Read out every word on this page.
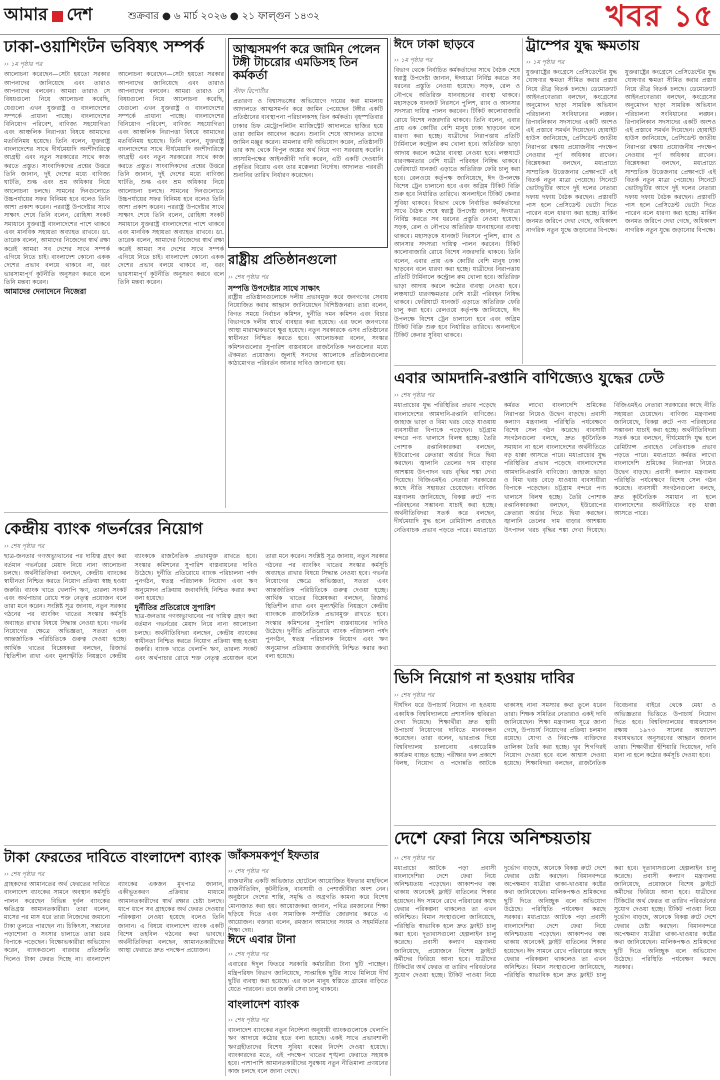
আমার দেশ	শুক্রবার ● ৬ মার্চ ২০২৬ ● ২১ ফাল্গুন ১৪৩২	খবর ১৫
ঢাকা-ওয়াশিংটন ভবিষ্যৎ সম্পর্ক
›› ১ম পৃষ্ঠার পর
আলোচনা করেছেন—সেটা হয়তো সরকার আপনাদের জানিয়েছে এবং তারাও আপনাদের বলবেন। আমরা তারাও সে বিষয়গুলো নিয়ে আলোচনা করেছি, যেগুলো এখন যুক্তরাষ্ট্র ও বাংলাদেশের সম্পর্কে প্রাধান্য পাচ্ছে। বাংলাদেশের বিনিয়োগ পরিবেশ, বাণিজ্য সহযোগিতা এবং আঞ্চলিক নিরাপত্তা বিষয়ে আমাদের মতবিনিময় হয়েছে। তিনি বলেন, যুক্তরাষ্ট্র বাংলাদেশের সাথে দীর্ঘমেয়াদি অংশীদারিত্বে আগ্রহী এবং নতুন সরকারের সাথে কাজ করতে প্রস্তুত। সাংবাদিকদের প্রশ্নের উত্তরে তিনি জানান, দুই দেশের মধ্যে বাণিজ্য ঘাটতি, শুল্ক এবং শ্রম অধিকার নিয়ে আলোচনা চলছে। সামনের দিনগুলোতে উচ্চপর্যায়ের সফর বিনিময় হবে বলেও তিনি আশা প্রকাশ করেন। পররাষ্ট্র উপদেষ্টার সাথে সাক্ষাৎ শেষে তিনি বলেন, রোহিঙ্গা সংকট সমাধানে যুক্তরাষ্ট্র বাংলাদেশের পাশে থাকবে এবং মানবিক সহায়তা অব্যাহত রাখবে। ডা. তারেক বলেন, আমাদের নিজেদের স্বার্থ রক্ষা করেই আমরা সব দেশের সাথে সম্পর্ক এগিয়ে নিতে চাই। বাংলাদেশ কোনো একক দেশের প্রভাব বলয়ে থাকবে না, বরং ভারসাম্যপূর্ণ কূটনীতি অনুসরণ করবে বলে তিনি মন্তব্য করেন।
আমাদের দেনাদেনে নিজেরা
আলোচনা করেছেন—সেটা হয়তো সরকার আপনাদের জানিয়েছে এবং তারাও আপনাদের বলবেন। আমরা তারাও সে বিষয়গুলো নিয়ে আলোচনা করেছি, যেগুলো এখন যুক্তরাষ্ট্র ও বাংলাদেশের সম্পর্কে প্রাধান্য পাচ্ছে। বাংলাদেশের বিনিয়োগ পরিবেশ, বাণিজ্য সহযোগিতা এবং আঞ্চলিক নিরাপত্তা বিষয়ে আমাদের মতবিনিময় হয়েছে। তিনি বলেন, যুক্তরাষ্ট্র বাংলাদেশের সাথে দীর্ঘমেয়াদি অংশীদারিত্বে আগ্রহী এবং নতুন সরকারের সাথে কাজ করতে প্রস্তুত। সাংবাদিকদের প্রশ্নের উত্তরে তিনি জানান, দুই দেশের মধ্যে বাণিজ্য ঘাটতি, শুল্ক এবং শ্রম অধিকার নিয়ে আলোচনা চলছে। সামনের দিনগুলোতে উচ্চপর্যায়ের সফর বিনিময় হবে বলেও তিনি আশা প্রকাশ করেন। পররাষ্ট্র উপদেষ্টার সাথে সাক্ষাৎ শেষে তিনি বলেন, রোহিঙ্গা সংকট সমাধানে যুক্তরাষ্ট্র বাংলাদেশের পাশে থাকবে এবং মানবিক সহায়তা অব্যাহত রাখবে। ডা. তারেক বলেন, আমাদের নিজেদের স্বার্থ রক্ষা করেই আমরা সব দেশের সাথে সম্পর্ক এগিয়ে নিতে চাই। বাংলাদেশ কোনো একক দেশের প্রভাব বলয়ে থাকবে না, বরং ভারসাম্যপূর্ণ কূটনীতি অনুসরণ করবে বলে তিনি মন্তব্য করেন।
আত্মসমর্পণ করে জামিন পেলেন টঙ্গী টাচরোর এমডিসহ তিন কর্মকর্তা
স্টাফ রিপোর্টার
প্রতারণা ও বিশ্বাসভঙ্গের অভিযোগে দায়ের করা মামলায় আদালতে আত্মসমর্পণ করে জামিন পেয়েছেন টঙ্গীর একটি প্রতিষ্ঠানের ব্যবস্থাপনা পরিচালকসহ তিন কর্মকর্তা। বৃহস্পতিবার ঢাকার চিফ মেট্রোপলিটন ম্যাজিস্ট্রেট আদালতে হাজির হয়ে তারা জামিন আবেদন করেন। শুনানি শেষে আদালত তাদের জামিন মঞ্জুর করেন। মামলার বাদী অভিযোগ করেন, প্রতিষ্ঠানটি তার কাছ থেকে বিপুল অঙ্কের অর্থ নিয়ে পণ্য সরবরাহ করেনি। আসামিপক্ষের আইনজীবী দাবি করেন, এটি একটি দেওয়ানি প্রকৃতির বিরোধ এবং তার মক্কেলরা নির্দোষ। আদালত পরবর্তী শুনানির তারিখ নির্ধারণ করেছেন।
রাষ্ট্রীয় প্রতিষ্ঠানগুলো
›› শেষ পৃষ্ঠার পর
সম্পত্তি উপদেষ্টার সাথে সাক্ষাৎ
রাষ্ট্রীয় প্রতিষ্ঠানগুলোকে দলীয় প্রভাবমুক্ত করে জনগণের সেবায় নিয়োজিত করার আহ্বান জানিয়েছেন বিশিষ্টজনরা। তারা বলেন, বিগত সময়ে নির্বাচন কমিশন, দুর্নীতি দমন কমিশন এবং বিচার বিভাগকে দলীয় স্বার্থে ব্যবহার করা হয়েছে। এর ফলে জনগণের আস্থা মারাত্মকভাবে ক্ষুণ্ণ হয়েছে। নতুন সরকারকে এসব প্রতিষ্ঠানের স্বাধীনতা নিশ্চিত করতে হবে। আলোচকরা বলেন, সংস্কার কমিশনগুলোর সুপারিশ বাস্তবায়নে রাজনৈতিক দলগুলোর মধ্যে ঐকমত্য প্রয়োজন। জুলাই সনদের আলোকে প্রতিষ্ঠানগুলোর কাঠামোগত পরিবর্তন আনার দাবিও জানানো হয়।
ঈদে ঢাকা ছাড়বে
›› ১ম পৃষ্ঠার পর
বিভাগ থেকে নির্বাচিত কর্মকর্তাদের সাথে বৈঠক শেষে স্বরাষ্ট্র উপদেষ্টা জানান, ঈদযাত্রা নির্বিঘ্ন করতে সব ধরনের প্রস্তুতি নেওয়া হয়েছে। সড়ক, রেল ও নৌপথে অতিরিক্ত যানবাহনের ব্যবস্থা থাকবে। মহাসড়কে যানজট নিরসনে পুলিশ, র‍্যাব ও আনসার সদস্যরা দায়িত্ব পালন করবেন। টিকিট কালোবাজারি রোধে বিশেষ নজরদারি থাকবে। তিনি বলেন, এবার প্রায় এক কোটির বেশি মানুষ ঢাকা ছাড়বেন বলে ধারণা করা হচ্ছে। যাত্রীদের নিরাপত্তায় প্রতিটি টার্মিনালে কন্ট্রোল রুম খোলা হবে। অতিরিক্ত ভাড়া আদায় করলে কঠোর ব্যবস্থা নেওয়া হবে। লঞ্চঘাটে ধারণক্ষমতার বেশি যাত্রী পরিবহন নিষিদ্ধ থাকবে। ফেরিঘাটে যানজট এড়াতে অতিরিক্ত ফেরি চালু করা হবে। রেলওয়ে কর্তৃপক্ষ জানিয়েছে, ঈদ উপলক্ষে বিশেষ ট্রেন চালানো হবে এবং অগ্রিম টিকিট বিক্রি শুরু হবে নির্ধারিত তারিখে। অনলাইনে টিকিট কেনার সুবিধা থাকবে। বিভাগ থেকে নির্বাচিত কর্মকর্তাদের সাথে বৈঠক শেষে স্বরাষ্ট্র উপদেষ্টা জানান, ঈদযাত্রা নির্বিঘ্ন করতে সব ধরনের প্রস্তুতি নেওয়া হয়েছে। সড়ক, রেল ও নৌপথে অতিরিক্ত যানবাহনের ব্যবস্থা থাকবে। মহাসড়কে যানজট নিরসনে পুলিশ, র‍্যাব ও আনসার সদস্যরা দায়িত্ব পালন করবেন। টিকিট কালোবাজারি রোধে বিশেষ নজরদারি থাকবে। তিনি বলেন, এবার প্রায় এক কোটির বেশি মানুষ ঢাকা ছাড়বেন বলে ধারণা করা হচ্ছে। যাত্রীদের নিরাপত্তায় প্রতিটি টার্মিনালে কন্ট্রোল রুম খোলা হবে। অতিরিক্ত ভাড়া আদায় করলে কঠোর ব্যবস্থা নেওয়া হবে। লঞ্চঘাটে ধারণক্ষমতার বেশি যাত্রী পরিবহন নিষিদ্ধ থাকবে। ফেরিঘাটে যানজট এড়াতে অতিরিক্ত ফেরি চালু করা হবে। রেলওয়ে কর্তৃপক্ষ জানিয়েছে, ঈদ উপলক্ষে বিশেষ ট্রেন চালানো হবে এবং অগ্রিম টিকিট বিক্রি শুরু হবে নির্ধারিত তারিখে। অনলাইনে টিকিট কেনার সুবিধা থাকবে।
ট্রাম্পের যুদ্ধ ক্ষমতায়
›› ১ম পৃষ্ঠার পর
যুক্তরাষ্ট্রের কংগ্রেসে প্রেসিডেন্টের যুদ্ধ ঘোষণার ক্ষমতা সীমিত করার প্রস্তাব নিয়ে তীব্র বিতর্ক চলছে। ডেমোক্র্যাট আইনপ্রণেতারা বলছেন, কংগ্রেসের অনুমোদন ছাড়া সামরিক অভিযান পরিচালনা সংবিধানের লঙ্ঘন। রিপাবলিকান সদস্যদের একটি অংশও এই প্রস্তাবে সমর্থন দিয়েছেন। হোয়াইট হাউস জানিয়েছে, প্রেসিডেন্ট জাতীয় নিরাপত্তা রক্ষায় প্রয়োজনীয় পদক্ষেপ নেওয়ার পূর্ণ অধিকার রাখেন। বিশ্লেষকরা বলছেন, মধ্যপ্রাচ্যে সাম্প্রতিক উত্তেজনার প্রেক্ষাপটে এই বিতর্ক নতুন মাত্রা পেয়েছে। সিনেটে ভোটাভুটির আগে দুই দলের নেতারা দফায় দফায় বৈঠক করছেন। প্রস্তাবটি পাস হলে প্রেসিডেন্ট ভেটো দিতে পারেন বলে ধারণা করা হচ্ছে। মার্কিন জনমত জরিপে দেখা গেছে, অধিকাংশ নাগরিক নতুন যুদ্ধে জড়ানোর বিপক্ষে। যুক্তরাষ্ট্রের কংগ্রেসে প্রেসিডেন্টের যুদ্ধ ঘোষণার ক্ষমতা সীমিত করার প্রস্তাব নিয়ে তীব্র বিতর্ক চলছে। ডেমোক্র্যাট আইনপ্রণেতারা বলছেন, কংগ্রেসের অনুমোদন ছাড়া সামরিক অভিযান পরিচালনা সংবিধানের লঙ্ঘন। রিপাবলিকান সদস্যদের একটি অংশও এই প্রস্তাবে সমর্থন দিয়েছেন। হোয়াইট হাউস জানিয়েছে, প্রেসিডেন্ট জাতীয় নিরাপত্তা রক্ষায় প্রয়োজনীয় পদক্ষেপ নেওয়ার পূর্ণ অধিকার রাখেন। বিশ্লেষকরা বলছেন, মধ্যপ্রাচ্যে সাম্প্রতিক উত্তেজনার প্রেক্ষাপটে এই বিতর্ক নতুন মাত্রা পেয়েছে। সিনেটে ভোটাভুটির আগে দুই দলের নেতারা দফায় দফায় বৈঠক করছেন। প্রস্তাবটি পাস হলে প্রেসিডেন্ট ভেটো দিতে পারেন বলে ধারণা করা হচ্ছে। মার্কিন জনমত জরিপে দেখা গেছে, অধিকাংশ নাগরিক নতুন যুদ্ধে জড়ানোর বিপক্ষে।
এবার আমদানি-রপ্তানি বাণিজ্যেও যুদ্ধের ঢেউ
›› শেষ পৃষ্ঠার পর
মধ্যপ্রাচ্যের যুদ্ধ পরিস্থিতির প্রভাব পড়েছে বাংলাদেশের আমদানি-রপ্তানি বাণিজ্যে। জাহাজ ভাড়া ও বিমা খরচ বেড়ে যাওয়ায় ব্যবসায়ীরা বিপাকে পড়েছেন। চট্টগ্রাম বন্দরে পণ্য খালাসে বিলম্ব হচ্ছে। তৈরি পোশাক রপ্তানিকারকরা বলছেন, ইউরোপের ক্রেতারা অর্ডার দিতে দ্বিধা করছেন। জ্বালানি তেলের দাম বাড়ার আশঙ্কায় উৎপাদন খরচ বৃদ্ধির শঙ্কা দেখা দিয়েছে। বিজিএমইএ নেতারা সরকারের কাছে নীতি সহায়তা চেয়েছেন। বাণিজ্য মন্ত্রণালয় জানিয়েছে, বিকল্প রুটে পণ্য পরিবহনের সম্ভাবনা যাচাই করা হচ্ছে। অর্থনীতিবিদরা সতর্ক করে বলছেন, দীর্ঘমেয়াদি যুদ্ধ হলে রেমিট্যান্স প্রবাহেও নেতিবাচক প্রভাব পড়তে পারে। মধ্যপ্রাচ্যে কর্মরত লাখো বাংলাদেশি শ্রমিকের নিরাপত্তা নিয়েও উদ্বেগ বাড়ছে। প্রবাসী কল্যাণ মন্ত্রণালয় পরিস্থিতি পর্যবেক্ষণে বিশেষ সেল গঠন করেছে। ব্যবসায়ী সংগঠনগুলো বলছে, দ্রুত কূটনৈতিক সমাধান না হলে বাংলাদেশের অর্থনীতিতে বড় ধাক্কা আসতে পারে। মধ্যপ্রাচ্যের যুদ্ধ পরিস্থিতির প্রভাব পড়েছে বাংলাদেশের আমদানি-রপ্তানি বাণিজ্যে। জাহাজ ভাড়া ও বিমা খরচ বেড়ে যাওয়ায় ব্যবসায়ীরা বিপাকে পড়েছেন। চট্টগ্রাম বন্দরে পণ্য খালাসে বিলম্ব হচ্ছে। তৈরি পোশাক রপ্তানিকারকরা বলছেন, ইউরোপের ক্রেতারা অর্ডার দিতে দ্বিধা করছেন। জ্বালানি তেলের দাম বাড়ার আশঙ্কায় উৎপাদন খরচ বৃদ্ধির শঙ্কা দেখা দিয়েছে। বিজিএমইএ নেতারা সরকারের কাছে নীতি সহায়তা চেয়েছেন। বাণিজ্য মন্ত্রণালয় জানিয়েছে, বিকল্প রুটে পণ্য পরিবহনের সম্ভাবনা যাচাই করা হচ্ছে। অর্থনীতিবিদরা সতর্ক করে বলছেন, দীর্ঘমেয়াদি যুদ্ধ হলে রেমিট্যান্স প্রবাহেও নেতিবাচক প্রভাব পড়তে পারে। মধ্যপ্রাচ্যে কর্মরত লাখো বাংলাদেশি শ্রমিকের নিরাপত্তা নিয়েও উদ্বেগ বাড়ছে। প্রবাসী কল্যাণ মন্ত্রণালয় পরিস্থিতি পর্যবেক্ষণে বিশেষ সেল গঠন করেছে। ব্যবসায়ী সংগঠনগুলো বলছে, দ্রুত কূটনৈতিক সমাধান না হলে বাংলাদেশের অর্থনীতিতে বড় ধাক্কা আসতে পারে।
কেন্দ্রীয় ব্যাংক গভর্নরের নিয়োগ
›› শেষ পৃষ্ঠার পর
ছাত্র-জনতার গণঅভ্যুত্থানের পর দায়িত্ব গ্রহণ করা বর্তমান গভর্নরের মেয়াদ নিয়ে নানা আলোচনা চলছে। অর্থনীতিবিদরা বলছেন, কেন্দ্রীয় ব্যাংকের স্বাধীনতা নিশ্চিত করতে নিয়োগ প্রক্রিয়া স্বচ্ছ হওয়া জরুরি। ব্যাংক খাতে খেলাপি ঋণ, তারল্য সংকট এবং অর্থপাচার রোধে শক্ত নেতৃত্ব প্রয়োজন বলে তারা মনে করেন। সংশ্লিষ্ট সূত্র জানায়, নতুন সরকার গঠনের পর ব্যাংকিং খাতের সংস্কার কর্মসূচি অব্যাহত রাখার বিষয়ে সিদ্ধান্ত নেওয়া হবে। গভর্নর নিয়োগের ক্ষেত্রে অভিজ্ঞতা, সততা এবং আন্তর্জাতিক পরিচিতিকে গুরুত্ব দেওয়া হচ্ছে। আর্থিক খাতের বিশ্লেষকরা বলছেন, রিজার্ভ স্থিতিশীল রাখা এবং মূল্যস্ফীতি নিয়ন্ত্রণে কেন্দ্রীয় ব্যাংককে রাজনৈতিক প্রভাবমুক্ত রাখতে হবে। সংস্কার কমিশনের সুপারিশ বাস্তবায়নের দাবিও উঠেছে। দুর্নীতি প্রতিরোধে ব্যাংক পরিচালনা পর্ষদ পুনর্গঠন, স্বতন্ত্র পরিচালক নিয়োগ এবং ঋণ অনুমোদন প্রক্রিয়ায় জবাবদিহি নিশ্চিত করার কথা বলা হয়েছে।
দুর্নীতির প্রতিরোধে সুপারিশ
ছাত্র-জনতার গণঅভ্যুত্থানের পর দায়িত্ব গ্রহণ করা বর্তমান গভর্নরের মেয়াদ নিয়ে নানা আলোচনা চলছে। অর্থনীতিবিদরা বলছেন, কেন্দ্রীয় ব্যাংকের স্বাধীনতা নিশ্চিত করতে নিয়োগ প্রক্রিয়া স্বচ্ছ হওয়া জরুরি। ব্যাংক খাতে খেলাপি ঋণ, তারল্য সংকট এবং অর্থপাচার রোধে শক্ত নেতৃত্ব প্রয়োজন বলে তারা মনে করেন। সংশ্লিষ্ট সূত্র জানায়, নতুন সরকার গঠনের পর ব্যাংকিং খাতের সংস্কার কর্মসূচি অব্যাহত রাখার বিষয়ে সিদ্ধান্ত নেওয়া হবে। গভর্নর নিয়োগের ক্ষেত্রে অভিজ্ঞতা, সততা এবং আন্তর্জাতিক পরিচিতিকে গুরুত্ব দেওয়া হচ্ছে। আর্থিক খাতের বিশ্লেষকরা বলছেন, রিজার্ভ স্থিতিশীল রাখা এবং মূল্যস্ফীতি নিয়ন্ত্রণে কেন্দ্রীয় ব্যাংককে রাজনৈতিক প্রভাবমুক্ত রাখতে হবে। সংস্কার কমিশনের সুপারিশ বাস্তবায়নের দাবিও উঠেছে। দুর্নীতি প্রতিরোধে ব্যাংক পরিচালনা পর্ষদ পুনর্গঠন, স্বতন্ত্র পরিচালক নিয়োগ এবং ঋণ অনুমোদন প্রক্রিয়ায় জবাবদিহি নিশ্চিত করার কথা বলা হয়েছে।
ভিসি নিয়োগ না হওয়ায় দাবির
›› শেষ পৃষ্ঠার পর
দীর্ঘদিন ধরে উপাচার্য নিয়োগ না হওয়ায় একাধিক বিশ্ববিদ্যালয়ে প্রশাসনিক স্থবিরতা দেখা দিয়েছে। শিক্ষার্থীরা দ্রুত স্থায়ী উপাচার্য নিয়োগের দাবিতে মানববন্ধন করেছেন। তারা বলেন, ভারপ্রাপ্ত দিয়ে বিশ্ববিদ্যালয় চালানোয় একাডেমিক কার্যক্রম ব্যাহত হচ্ছে। পরীক্ষার ফল প্রকাশে বিলম্ব, নিয়োগ ও পদোন্নতি আটকে থাকাসহ নানা সমস্যার কথা তুলে ধরেন তারা। শিক্ষক সমিতির নেতারাও একই দাবি জানিয়েছেন। শিক্ষা মন্ত্রণালয় সূত্রে জানা গেছে, উপাচার্য নিয়োগের প্রক্রিয়া চলমান রয়েছে। যোগ্য ও নিরপেক্ষ ব্যক্তিদের তালিকা তৈরি করা হচ্ছে। খুব শিগগিরই নিয়োগ দেওয়া হবে বলে আশ্বাস দেওয়া হয়েছে। শিক্ষাবিদরা বলছেন, রাজনৈতিক বিবেচনার বাইরে থেকে মেধা ও অভিজ্ঞতার ভিত্তিতে উপাচার্য নিয়োগ দিতে হবে। বিশ্ববিদ্যালয়ের স্বায়ত্তশাসন রক্ষায় ১৯৭৩ সালের অধ্যাদেশ যথাযথভাবে অনুসরণের আহ্বান জানান তারা। শিক্ষার্থীরা হুঁশিয়ারি দিয়েছেন, দাবি মানা না হলে কঠোর কর্মসূচি দেওয়া হবে।
টাকা ফেরতের দাবিতে বাংলাদেশ ব্যাংক
›› শেষ পৃষ্ঠার পর
গ্রাহকদের আমানতের অর্থ ফেরতের দাবিতে বাংলাদেশ ব্যাংকের সামনে অবস্থান কর্মসূচি পালন করেছেন বিভিন্ন দুর্বল ব্যাংকের ক্ষতিগ্রস্ত আমানতকারীরা। তারা বলেন, মাসের পর মাস ধরে তারা নিজেদের জমানো টাকা তুলতে পারছেন না। চিকিৎসা, সন্তানের পড়াশোনা ও সংসার চালাতে তারা চরম বিপাকে পড়েছেন। বিক্ষোভকারীরা অভিযোগ করেন, ব্যাংকগুলো বারবার প্রতিশ্রুতি দিলেও টাকা ফেরত দিচ্ছে না। বাংলাদেশ ব্যাংকের একজন মুখপাত্র জানান, একীভূতকরণ প্রক্রিয়ার মাধ্যমে আমানতকারীদের স্বার্থ রক্ষার চেষ্টা চলছে। ধাপে ধাপে সব গ্রাহকের অর্থ ফেরত দেওয়ার পরিকল্পনা নেওয়া হয়েছে বলেও তিনি জানান। এ বিষয়ে বাংলাদেশ ব্যাংক একটি বিশেষ তহবিল গঠনের কথা ভাবছে। অর্থনীতিবিদরা বলছেন, আমানতকারীদের আস্থা ফেরাতে দ্রুত পদক্ষেপ প্রয়োজন।
জাঁকসমকপূর্ণ ইফতার
›› শেষ পৃষ্ঠার পর
রাজধানীর একটি অভিজাত হোটেলে আয়োজিত ইফতার মাহফিলে রাজনীতিবিদ, কূটনীতিক, ব্যবসায়ী ও পেশাজীবীরা অংশ নেন। অনুষ্ঠানে দেশের শান্তি, সমৃদ্ধি ও অগ্রগতি কামনা করে বিশেষ মোনাজাত করা হয়। আয়োজকরা জানান, পবিত্র রমজানের শিক্ষা ছড়িয়ে দিতে এবং সামাজিক সম্প্রীতি জোরদার করতে এ আয়োজন। বক্তারা বলেন, রমজান আমাদের সংযম ও সহমর্মিতার শিক্ষা দেয়।
ঈদে এবার টানা
›› শেষ পৃষ্ঠার পর
এবারের ঈদুল ফিতরে সরকারি কর্মচারীরা টানা ছুটি পাচ্ছেন। মন্ত্রিপরিষদ বিভাগ জানিয়েছে, সাপ্তাহিক ছুটির সাথে মিলিয়ে দীর্ঘ ছুটির ব্যবস্থা করা হয়েছে। এর ফলে মানুষ স্বস্তিতে গ্রামের বাড়িতে যেতে পারবেন। তবে জরুরি সেবা চালু থাকবে।
বাংলাদেশ ব্যাংক
›› শেষ পৃষ্ঠার পর
বাংলাদেশ ব্যাংকের নতুন নির্দেশনা অনুযায়ী ব্যাংকগুলোকে খেলাপি ঋণ আদায়ে কঠোর হতে বলা হয়েছে। একই সাথে প্রভাবশালী ঋণগ্রহীতাদের বিশেষ সুবিধা বন্ধের নির্দেশ দেওয়া হয়েছে। ব্যাংকারদের মতে, এই পদক্ষেপ খাতের শৃঙ্খলা ফেরাতে সহায়ক হবে। পাশাপাশি আমানতকারীদের সুরক্ষায় নতুন নীতিমালা প্রণয়নের কাজ চলছে বলে জানা গেছে।
দেশে ফেরা নিয়ে অনিশ্চয়তায়
›› শেষ পৃষ্ঠার পর
মধ্যপ্রাচ্যে আটকে পড়া প্রবাসী বাংলাদেশিরা দেশে ফেরা নিয়ে অনিশ্চয়তায় পড়েছেন। আকাশপথ বন্ধ থাকায় অনেকেই ফ্লাইট বাতিলের শিকার হয়েছেন। ঈদ সামনে রেখে পরিবারের কাছে ফেরার পরিকল্পনা থাকলেও তা এখন অনিশ্চিত। বিমান সংস্থাগুলো জানিয়েছে, পরিস্থিতি স্বাভাবিক হলে দ্রুত ফ্লাইট চালু করা হবে। দূতাবাসগুলো হেল্পলাইন চালু করেছে। প্রবাসী কল্যাণ মন্ত্রণালয় জানিয়েছে, প্রয়োজনে বিশেষ ফ্লাইটে কর্মীদের ফিরিয়ে আনা হবে। যাত্রীদের টিকিটের অর্থ ফেরত বা তারিখ পরিবর্তনের সুযোগ দেওয়া হচ্ছে। টিকিট পাওয়া নিয়ে দুর্ভোগ বাড়ছে, অনেকে বিকল্প রুটে দেশে ফেরার চেষ্টা করছেন। বিমানবন্দরে অপেক্ষমাণ যাত্রীরা থাকা-খাওয়ার কষ্টের কথা জানিয়েছেন। মালিকপক্ষও শ্রমিকদের ছুটি দিতে অনিচ্ছুক বলে অভিযোগ উঠেছে। পরিস্থিতি পর্যবেক্ষণ করছে সরকার। মধ্যপ্রাচ্যে আটকে পড়া প্রবাসী বাংলাদেশিরা দেশে ফেরা নিয়ে অনিশ্চয়তায় পড়েছেন। আকাশপথ বন্ধ থাকায় অনেকেই ফ্লাইট বাতিলের শিকার হয়েছেন। ঈদ সামনে রেখে পরিবারের কাছে ফেরার পরিকল্পনা থাকলেও তা এখন অনিশ্চিত। বিমান সংস্থাগুলো জানিয়েছে, পরিস্থিতি স্বাভাবিক হলে দ্রুত ফ্লাইট চালু করা হবে। দূতাবাসগুলো হেল্পলাইন চালু করেছে। প্রবাসী কল্যাণ মন্ত্রণালয় জানিয়েছে, প্রয়োজনে বিশেষ ফ্লাইটে কর্মীদের ফিরিয়ে আনা হবে। যাত্রীদের টিকিটের অর্থ ফেরত বা তারিখ পরিবর্তনের সুযোগ দেওয়া হচ্ছে। টিকিট পাওয়া নিয়ে দুর্ভোগ বাড়ছে, অনেকে বিকল্প রুটে দেশে ফেরার চেষ্টা করছেন। বিমানবন্দরে অপেক্ষমাণ যাত্রীরা থাকা-খাওয়ার কষ্টের কথা জানিয়েছেন। মালিকপক্ষও শ্রমিকদের ছুটি দিতে অনিচ্ছুক বলে অভিযোগ উঠেছে। পরিস্থিতি পর্যবেক্ষণ করছে সরকার।
